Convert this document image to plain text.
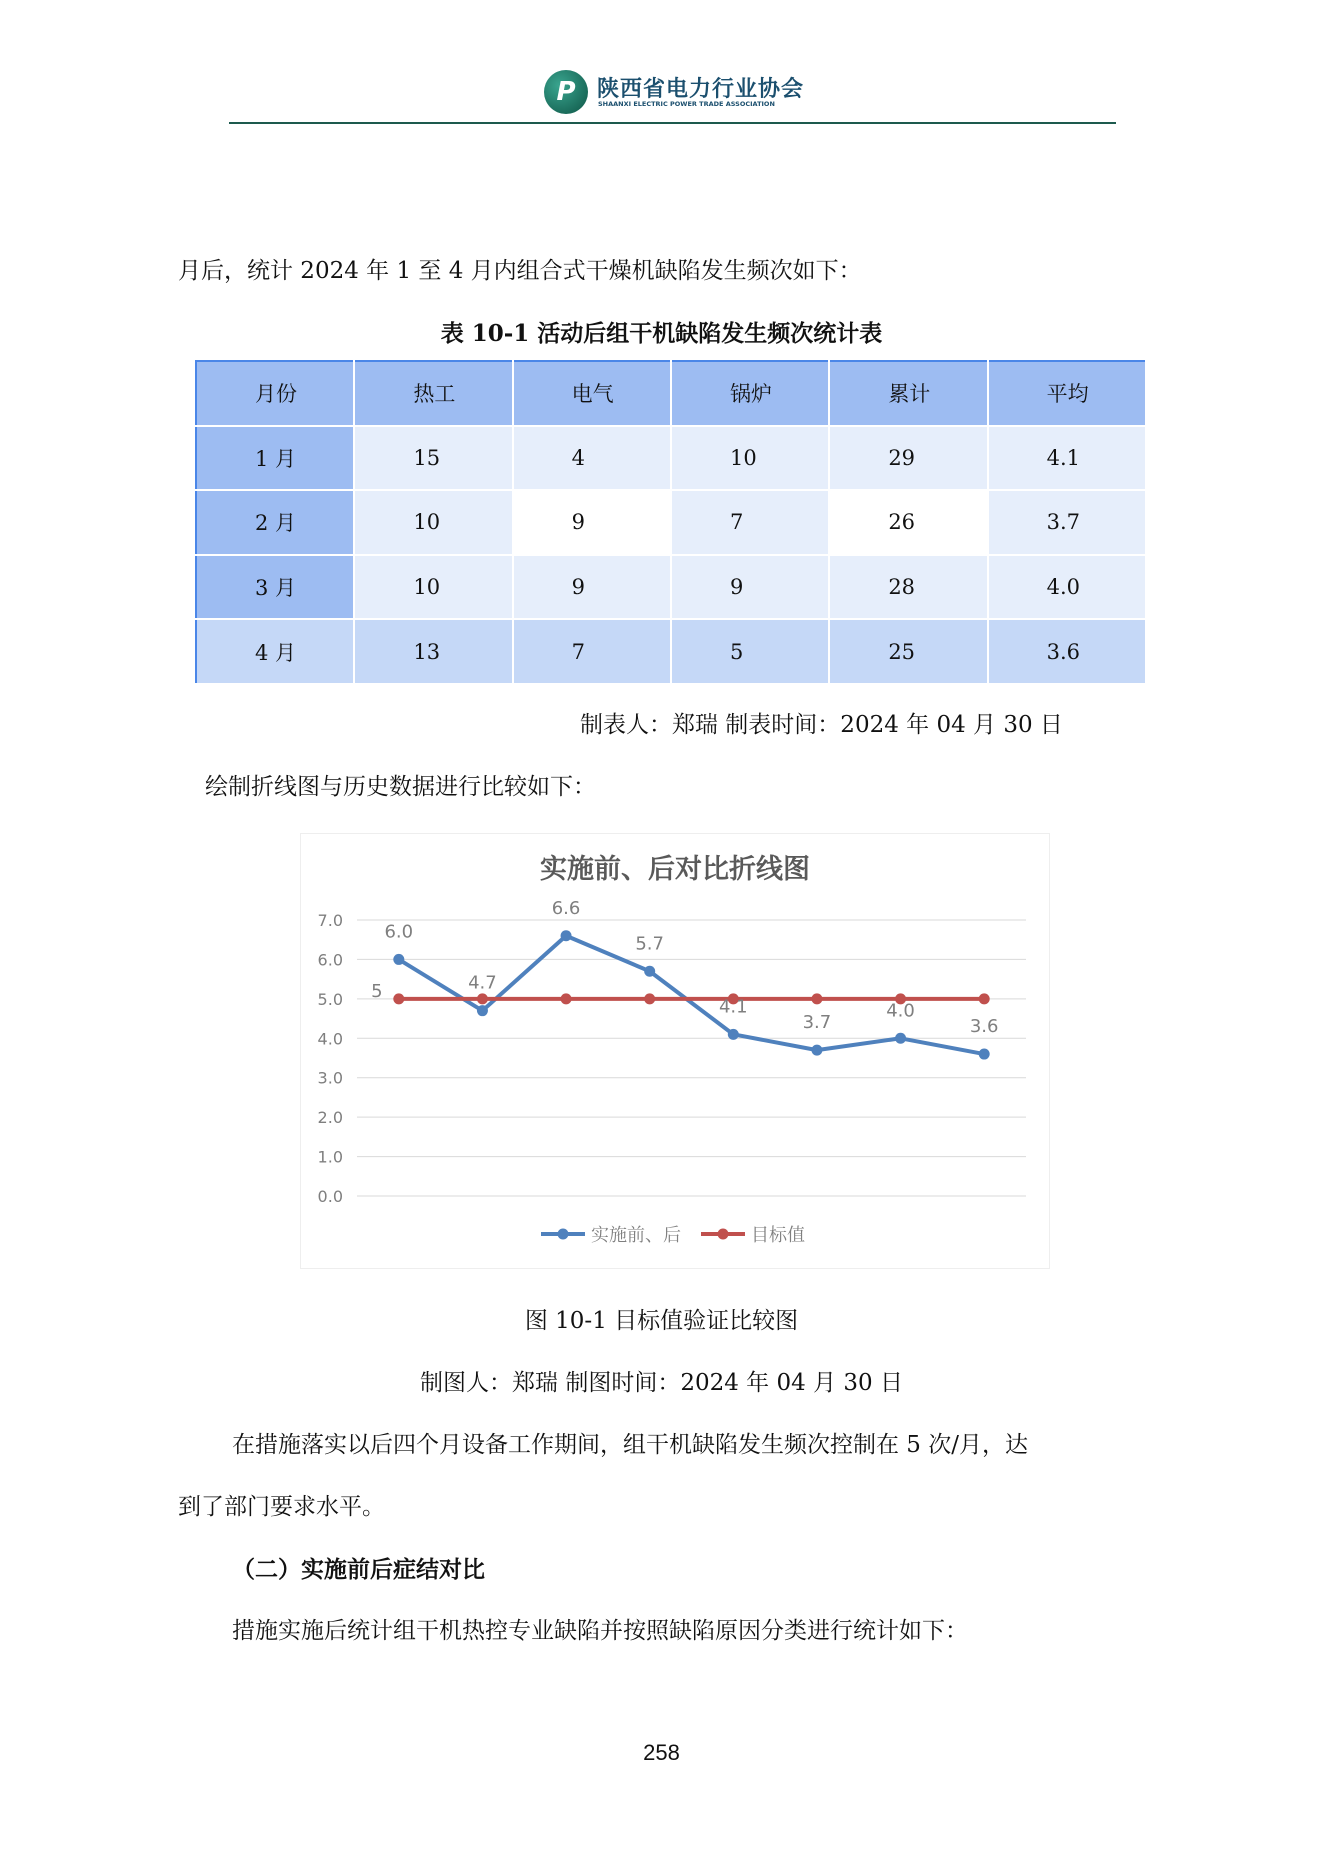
P 陕西省电力行业协会
SHAANXI ELECTRIC POWER TRADE ASSOCIATION
月后，统计 2024 年 1 至 4 月内组合式干燥机缺陷发生频次如下：
表 10-1 活动后组干机缺陷发生频次统计表
月份	热工	电气	锅炉	累计	平均
1 月	15	4	10	29	4.1
2 月	10	9	7	26	3.7
3 月	10	9	9	28	4.0
4 月	13	7	5	25	3.6
制表人：郑瑞 制表时间：2024 年 04 月 30 日
绘制折线图与历史数据进行比较如下：
实施前、后对比折线图
0.0
1.0
2.0
3.0
4.0
5.0
6.0
7.0
6.0
4.7
6.6
5.7
4.1
3.7
4.0
3.6
5
实施前、后	目标值
图 10-1 目标值验证比较图
制图人：郑瑞 制图时间：2024 年 04 月 30 日
在措施落实以后四个月设备工作期间，组干机缺陷发生频次控制在 5 次/月，达
到了部门要求水平。
（二）实施前后症结对比
措施实施后统计组干机热控专业缺陷并按照缺陷原因分类进行统计如下：
258
